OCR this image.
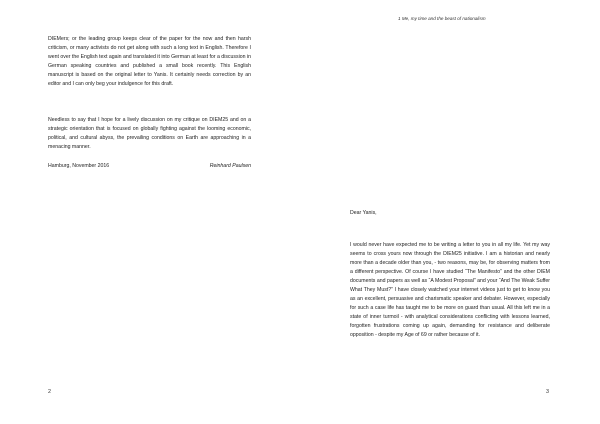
DIEMers; or the leading group keeps clear of the paper for the now and then harsh criticism, or many activists do not get along with such a long text in English. Therefore I went over the English text again and translated it into German at least for a discussion in German speaking countries and published a small book recently. This English manuscript is based on the original letter to Yanis. It certainly needs correction by an editor and I can only beg your indulgence for this draft.

Needless to say that I hope for a lively discussion on my critique on DIEM25 and on a strategic orientation that is focused on globally fighting against the looming economic, political, and cultural abyss, the prevailing conditions on Earth are approaching in a menacing manner.

Hamburg, November 2016	Reinhard Paulsen
1 Me, my time and the beast of nationalism

Dear Yanis,

I would never have expected me to be writing a letter to you in all my life. Yet my way seems to cross yours now through the DIEM25 initiative. I am a historian and nearly more than a decade older than you, - two reasons, may be, for observing matters from a different perspective. Of course I have studied “The Manifesto” and the other DIEM documents and papers as well as “A Modest Proposal” and your “And The Weak Suffer What They Must?” I have closely watched your internet videos just to get to know you as an excellent, persuasive and charismatic speaker and debater. However, especially for such a case life has taught me to be more on guard than usual. All this left me in a state of inner turmoil - with analytical considerations conflicting with lessons learned, forgotten frustrations coming up again, demanding for resistance and deliberate opposition - despite my Age of 69 or rather because of it.

2	3
